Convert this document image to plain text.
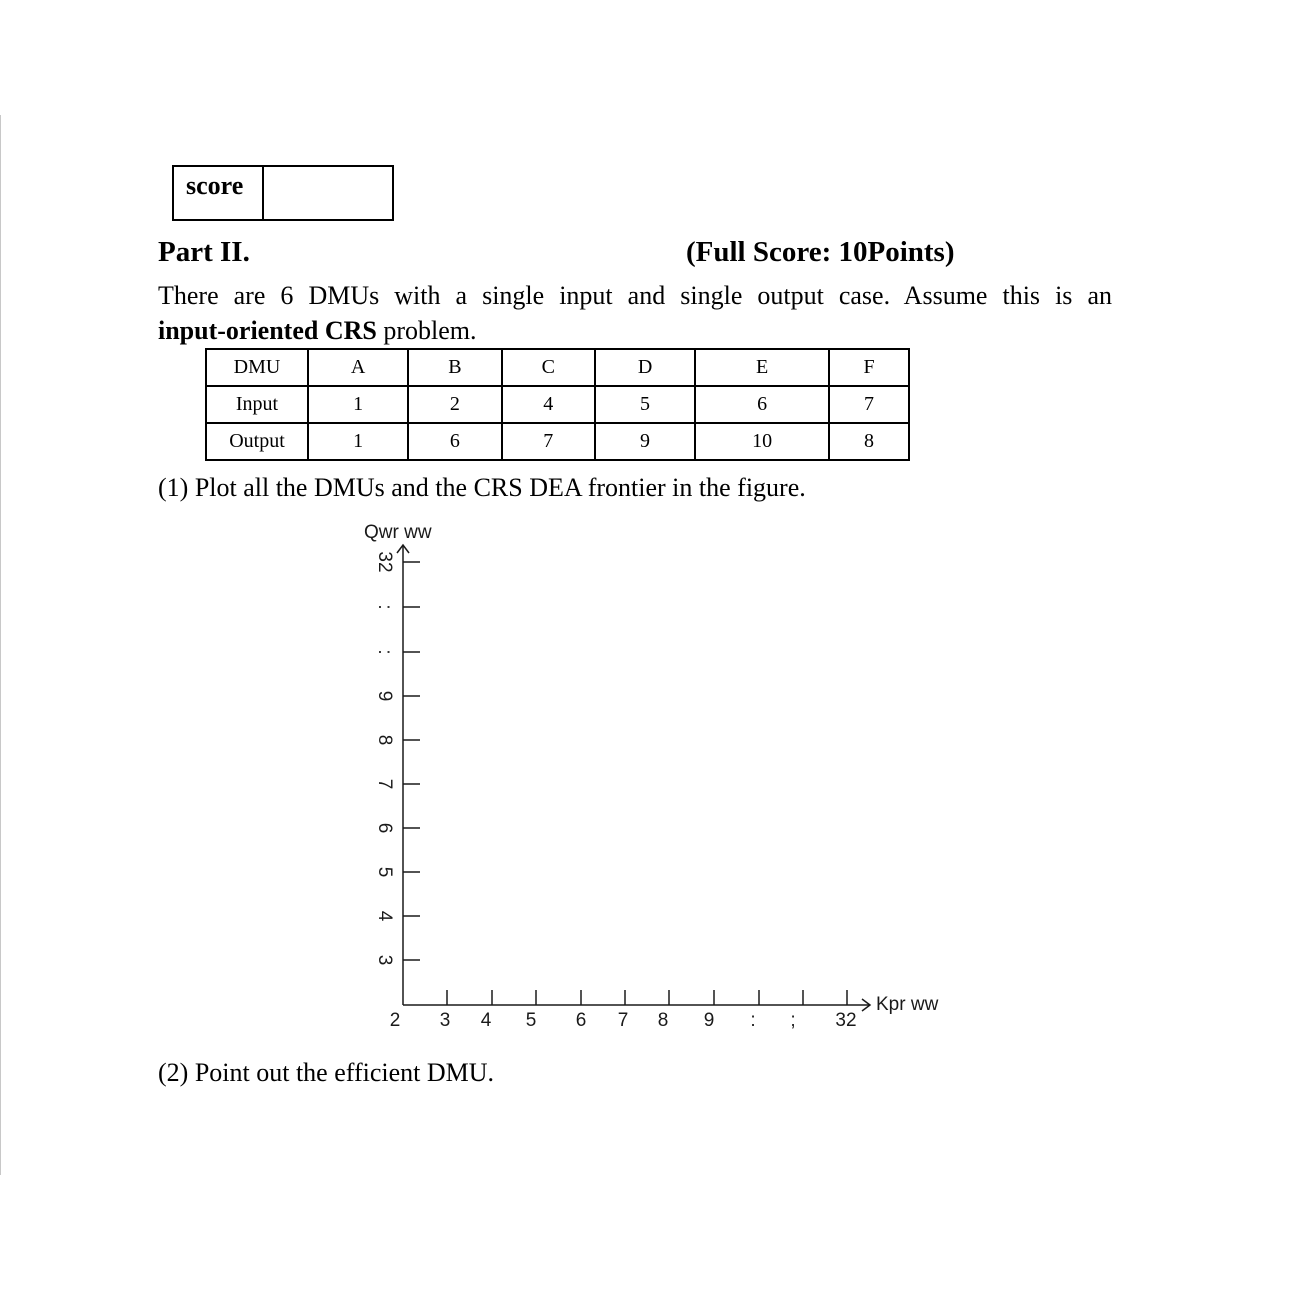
score
Part II.	(Full Score: 10Points)
There are 6 DMUs with a single input and single output case. Assume this is an
input-oriented CRS problem.
DMU	A	B	C	D	E	F
Input	1	2	4	5	6	7
Output	1	6	7	9	10	8
(1) Plot all the DMUs and the CRS DEA frontier in the figure.
Qwr ww
Kpr ww
3
4
5
6
7
8
9
:
:
32
2 3 4 5 6 7 8 9 : ; 32
(2) Point out the efficient DMU.
